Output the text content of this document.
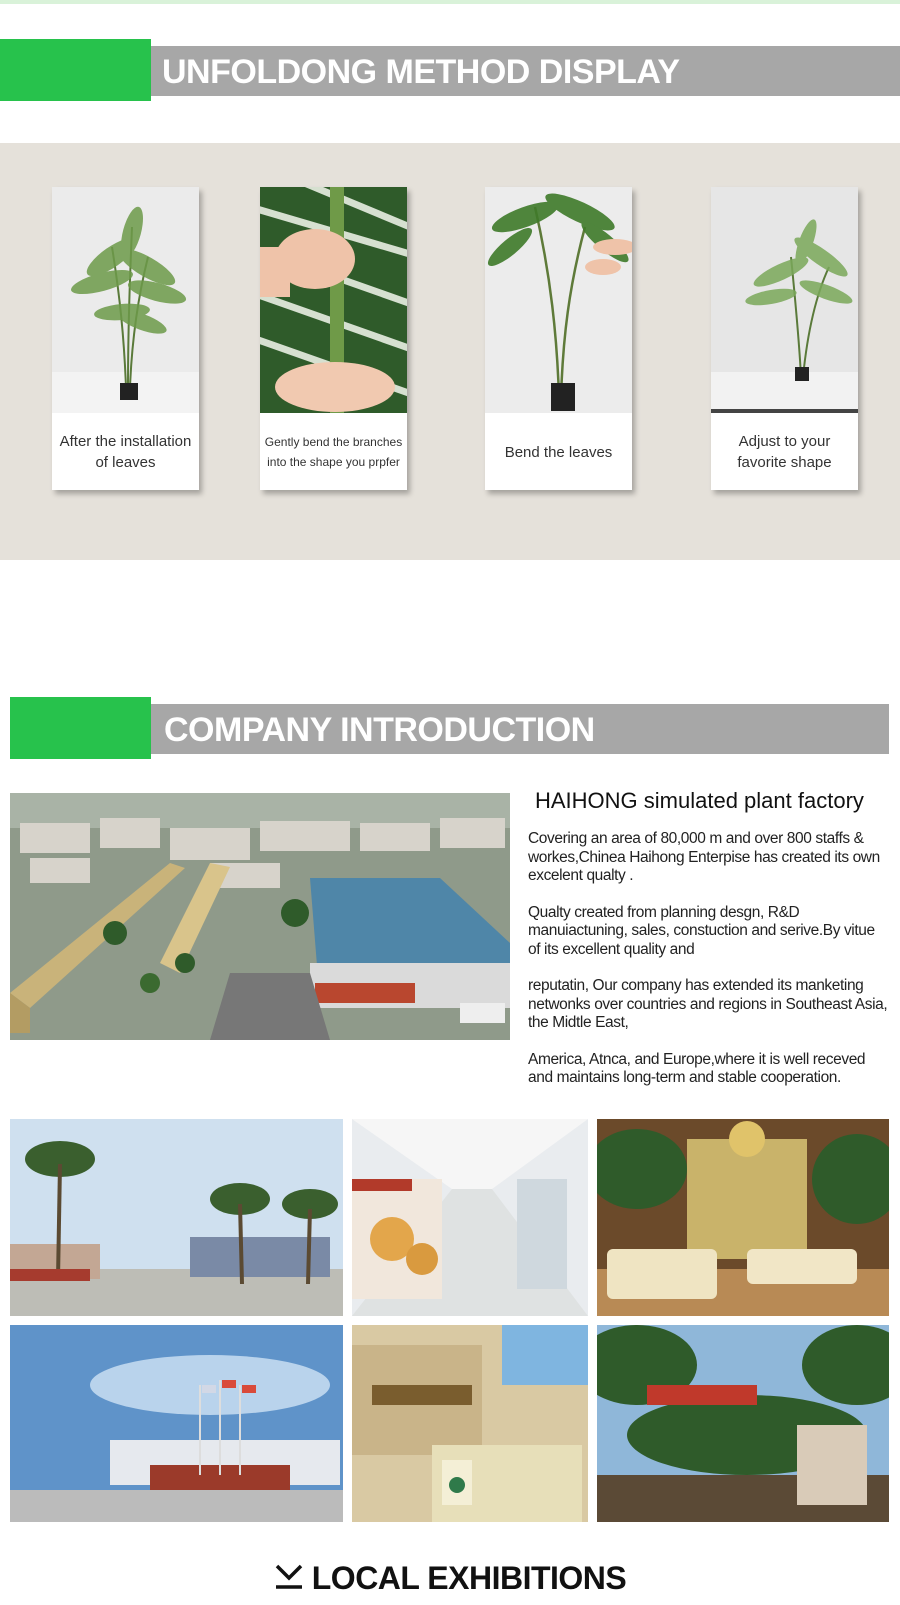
UNFOLDONG METHOD DISPLAY
After the installation of leaves
Gently bend the branches into the shape you prpfer
Bend the leaves
Adjust to your favorite shape
COMPANY INTRODUCTION
HAIHONG simulated plant factory

Covering an area of 80,000 m and over 800 staffs & workes,Chinea Haihong Enterpise has created its own excelent qualty .

Qualty created from planning desgn, R&D manuiactuning, sales, constuction and serive.By vitue of its excellent quality and

reputatin, Our company has extended its manketing netwonks over countries and regions in Southeast Asia, the Midtle East,

America, Atnca, and Europe,where it is well receved and maintains long-term and stable cooperation.

LOCAL EXHIBITIONS
